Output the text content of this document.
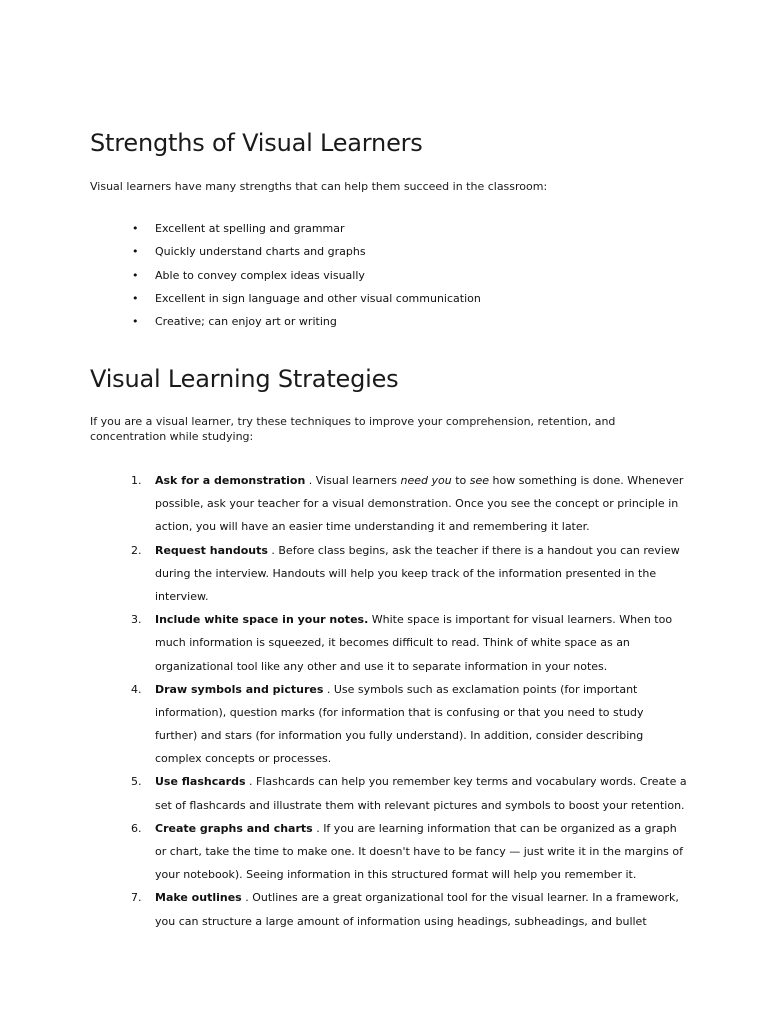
Strengths of Visual Learners

Visual learners have many strengths that can help them succeed in the classroom:

• Excellent at spelling and grammar
• Quickly understand charts and graphs
• Able to convey complex ideas visually
• Excellent in sign language and other visual communication
• Creative; can enjoy art or writing
Visual Learning Strategies

If you are a visual learner, try these techniques to improve your comprehension, retention, and concentration while studying:

1. Ask for a demonstration . Visual learners need you to see how something is done. Whenever
possible, ask your teacher for a visual demonstration. Once you see the concept or principle in
action, you will have an easier time understanding it and remembering it later.
2. Request handouts . Before class begins, ask the teacher if there is a handout you can review
during the interview. Handouts will help you keep track of the information presented in the
interview.
3. Include white space in your notes. White space is important for visual learners. When too
much information is squeezed, it becomes difficult to read. Think of white space as an
organizational tool like any other and use it to separate information in your notes.
4. Draw symbols and pictures . Use symbols such as exclamation points (for important
information), question marks (for information that is confusing or that you need to study
further) and stars (for information you fully understand). In addition, consider describing
complex concepts or processes.
5. Use flashcards . Flashcards can help you remember key terms and vocabulary words. Create a
set of flashcards and illustrate them with relevant pictures and symbols to boost your retention.
6. Create graphs and charts . If you are learning information that can be organized as a graph
or chart, take the time to make one. It doesn't have to be fancy — just write it in the margins of
your notebook). Seeing information in this structured format will help you remember it.
7. Make outlines . Outlines are a great organizational tool for the visual learner. In a framework,
you can structure a large amount of information using headings, subheadings, and bullet
